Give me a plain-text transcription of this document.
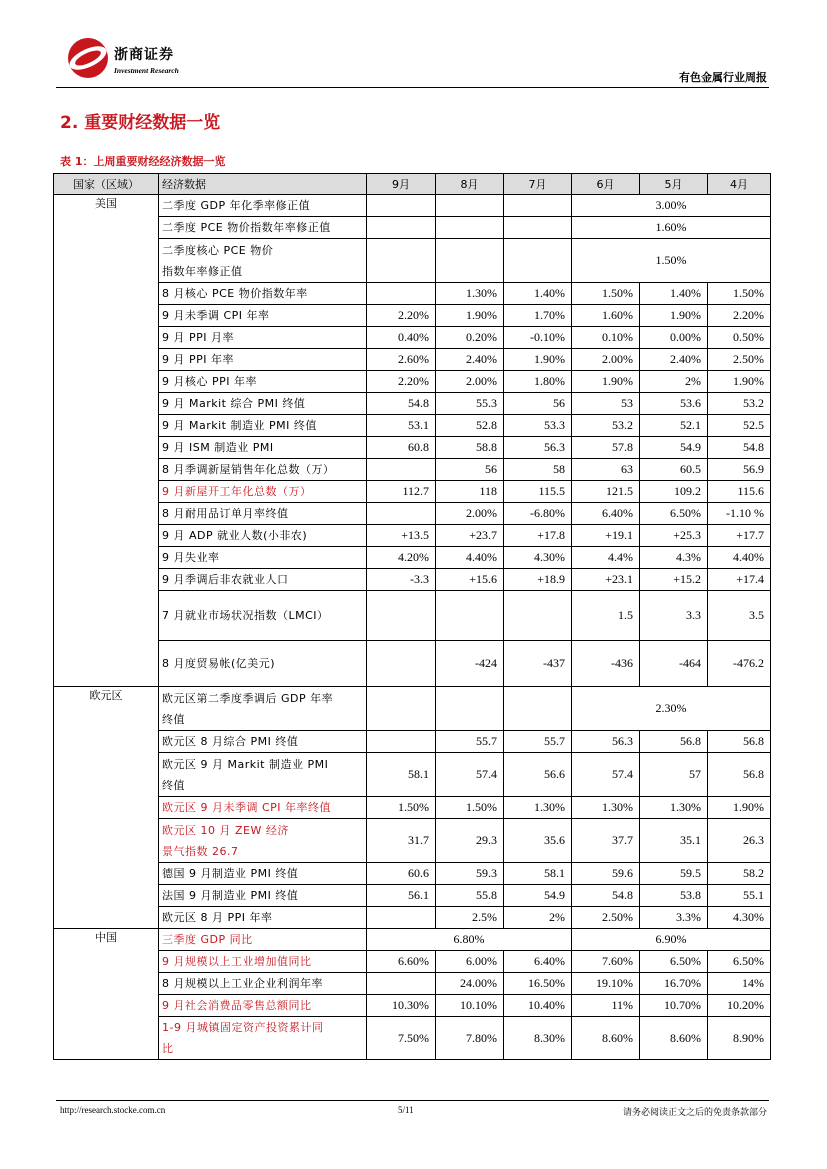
浙商证券
Investment Research
有色金属行业周报
2. 重要财经数据一览
表 1：上周重要财经经济数据一览
国家（区域）	经济数据	9月	8月	7月	6月	5月	4月
美国	二季度 GDP 年化季率修正值				3.00%		
	二季度 PCE 物价指数年率修正值				1.60%		
	二季度核心 PCE 物价
指数年率修正值				1.50%		
	8 月核心 PCE 物价指数年率		1.30%	1.40%	1.50%	1.40%	1.50%
	9 月未季调 CPI 年率	2.20%	1.90%	1.70%	1.60%	1.90%	2.20%
	9 月 PPI 月率	0.40%	0.20%	-0.10%	0.10%	0.00%	0.50%
	9 月 PPI 年率	2.60%	2.40%	1.90%	2.00%	2.40%	2.50%
	9 月核心 PPI 年率	2.20%	2.00%	1.80%	1.90%	2%	1.90%
	9 月 Markit 综合 PMI 终值	54.8	55.3	56	53	53.6	53.2
	9 月 Markit 制造业 PMI 终值	53.1	52.8	53.3	53.2	52.1	52.5
	9 月 ISM 制造业 PMI	60.8	58.8	56.3	57.8	54.9	54.8
	8 月季调新屋销售年化总数（万）		56	58	63	60.5	56.9
	9 月新屋开工年化总数（万）	112.7	118	115.5	121.5	109.2	115.6
	8 月耐用品订单月率终值		2.00%	-6.80%	6.40%	6.50%	-1.10 %
	9 月 ADP 就业人数(小非农)	+13.5	+23.7	+17.8	+19.1	+25.3	+17.7
	9 月失业率	4.20%	4.40%	4.30%	4.4%	4.3%	4.40%
	9 月季调后非农就业人口	-3.3	+15.6	+18.9	+23.1	+15.2	+17.4
	7 月就业市场状况指数（LMCI）				1.5	3.3	3.5
	8 月度贸易帐(亿美元)		-424	-437	-436	-464	-476.2
欧元区	欧元区第二季度季调后 GDP 年率
终值				2.30%		
	欧元区 8 月综合 PMI 终值		55.7	55.7	56.3	56.8	56.8
	欧元区 9 月 Markit 制造业 PMI
终值	58.1	57.4	56.6	57.4	57	56.8
	欧元区 9 月未季调 CPI 年率终值	1.50%	1.50%	1.30%	1.30%	1.30%	1.90%
	欧元区 10 月 ZEW 经济
景气指数 26.7	31.7	29.3	35.6	37.7	35.1	26.3
	德国 9 月制造业 PMI 终值	60.6	59.3	58.1	59.6	59.5	58.2
	法国 9 月制造业 PMI 终值	56.1	55.8	54.9	54.8	53.8	55.1
	欧元区 8 月 PPI 年率		2.5%	2%	2.50%	3.3%	4.30%
中国	三季度 GDP 同比	6.80%			6.90%		
	9 月规模以上工业增加值同比	6.60%	6.00%	6.40%	7.60%	6.50%	6.50%
	8 月规模以上工业企业利润年率		24.00%	16.50%	19.10%	16.70%	14%
	9 月社会消费品零售总额同比	10.30%	10.10%	10.40%	11%	10.70%	10.20%
	1-9 月城镇固定资产投资累计同
比	7.50%	7.80%	8.30%	8.60%	8.60%	8.90%
http://research.stocke.com.cn	5/11	请务必阅读正文之后的免责条款部分
